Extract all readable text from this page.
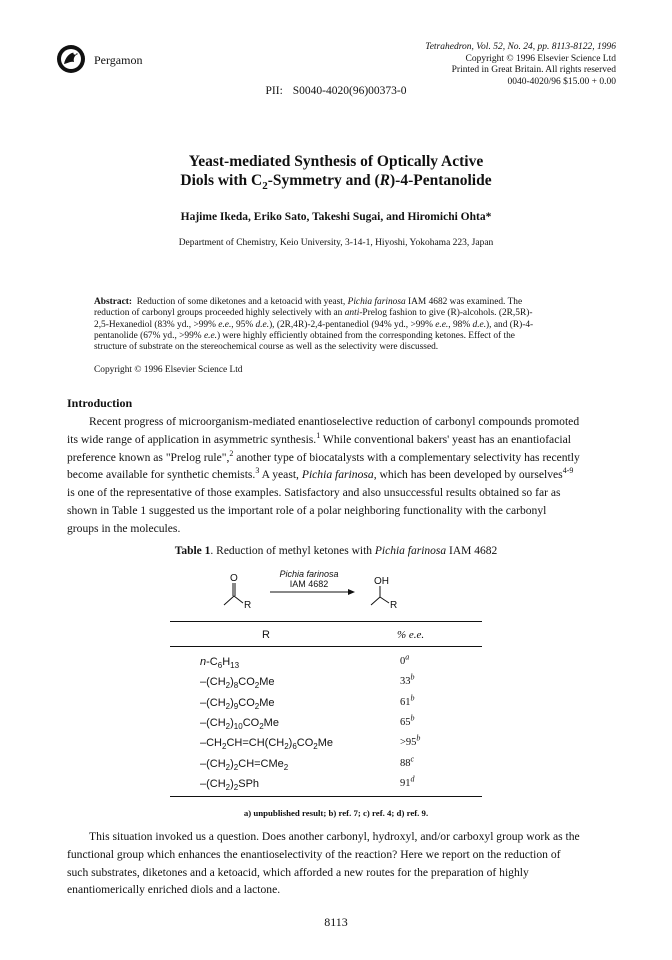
Pergamon
Tetrahedron, Vol. 52, No. 24, pp. 8113-8122, 1996
Copyright © 1996 Elsevier Science Ltd
Printed in Great Britain. All rights reserved
0040-4020/96 $15.00 + 0.00
PII: S0040-4020(96)00373-0
Yeast-mediated Synthesis of Optically Active
Diols with $C_2$-Symmetry and (R)-4-Pentanolide
Hajime Ikeda, Eriko Sato, Takeshi Sugai, and Hiromichi Ohta*
Department of Chemistry, Keio University, 3-14-1, Hiyoshi, Yokohama 223, Japan
Abstract: Reduction of some diketones and a ketoacid with yeast, Pichia farinosa IAM 4682 was examined. The
reduction of carbonyl groups proceeded highly selectively with an anti-Prelog fashion to give (R)-alcohols. (2R,5R)-
2,5-Hexanediol (83% yd., >99% e.e., 95% d.e.), (2R,4R)-2,4-pentanediol (94% yd., >99% e.e., 98% d.e.), and (R)-4-
pentanolide (67% yd., >99% e.e.) were highly efficiently obtained from the corresponding ketones. Effect of the
structure of substrate on the stereochemical course as well as the selectivity were discussed.
Copyright © 1996 Elsevier Science Ltd
Introduction
Recent progress of microorganism-mediated enantioselective reduction of carbonyl compounds promoted
its wide range of application in asymmetric synthesis.$^1$ While conventional bakers' yeast has an enantiofacial
preference known as "Prelog rule",$^2$ another type of biocatalysts with a complementary selectivity has recently
become available for synthetic chemists.$^3$ A yeast, Pichia farinosa, which has been developed by ourselves$^{4-9}$
is one of the representative of those examples. Satisfactory and also unsuccessful results obtained so far as
shown in Table 1 suggested us the important role of a polar neighboring functionality with the carbonyl
groups in the molecules.
Table 1. Reduction of methyl ketones with Pichia farinosa IAM 4682
O
R
Pichia farinosa
IAM 4682	OH
R
R	% e.e.
$n-C_6H_{13}$	0$^a$
$-(CH_2)_8CO_2Me$	33$^b$
$-(CH_2)_9CO_2Me$	61$^b$
$-(CH_2)_{10}CO_2Me$	65$^b$
$-CH_2CH=CH(CH_2)_6CO_2Me$	$>95^b$
$-(CH_2)_2CH=CMe_2$	88$^c$
$-(CH_2)_2SPh$	91$^d$
a) unpublished result; b) ref. 7; c) ref. 4; d) ref. 9.
This situation invoked us a question. Does another carbonyl, hydroxyl, and/or carboxyl group work as the
functional group which enhances the enantioselectivity of the reaction? Here we report on the reduction of
such substrates, diketones and a ketoacid, which afforded a new routes for the preparation of highly
enantiomerically enriched diols and a lactone.
8113
